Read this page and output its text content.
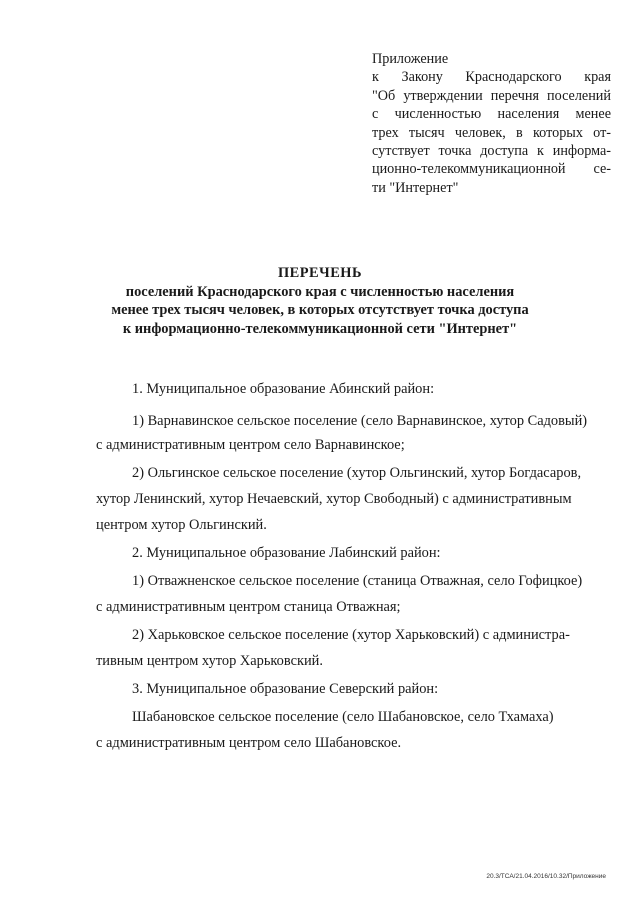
Приложение
к Закону Краснодарского края
"Об утверждении перечня поселений
с численностью населения менее
трех тысяч человек, в которых от-
сутствует точка доступа к информа-
ционно-телекоммуникационной се-
ти "Интернет"
ПЕРЕЧЕНЬ
поселений Краснодарского края с численностью населения
менее трех тысяч человек, в которых отсутствует точка доступа
к информационно-телекоммуникационной сети "Интернет"
1. Муниципальное образование Абинский район:
1) Варнавинское сельское поселение (село Варнавинское, хутор Садовый)
с административным центром село Варнавинское;
2) Ольгинское сельское поселение (хутор Ольгинский, хутор Богдасаров,
хутор Ленинский, хутор Нечаевский, хутор Свободный) с административным
центром хутор Ольгинский.
2. Муниципальное образование Лабинский район:
1) Отважненское сельское поселение (станица Отважная, село Гофицкое)
с административным центром станица Отважная;
2) Харьковское сельское поселение (хутор Харьковский) с администра-
тивным центром хутор Харьковский.
3. Муниципальное образование Северский район:
Шабановское сельское поселение (село Шабановское, село Тхамаха)
с административным центром село Шабановское.
20.3/ТСА/21.04.2016/10.32/Приложение
